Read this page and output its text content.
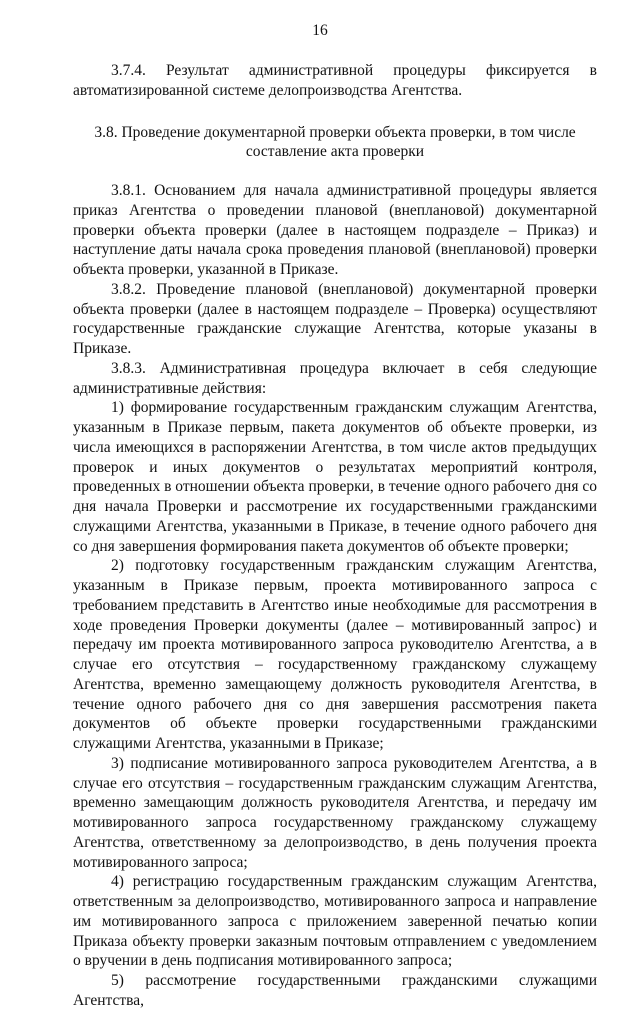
16

3.7.4. Результат административной процедуры фиксируется в автоматизированной системе делопроизводства Агентства.

3.8. Проведение документарной проверки объекта проверки, в том числе составление акта проверки

3.8.1. Основанием для начала административной процедуры является приказ Агентства о проведении плановой (внеплановой) документарной проверки объекта проверки (далее в настоящем подразделе – Приказ) и наступление даты начала срока проведения плановой (внеплановой) проверки объекта проверки, указанной в Приказе.

3.8.2. Проведение плановой (внеплановой) документарной проверки объекта проверки (далее в настоящем подразделе – Проверка) осуществляют государственные гражданские служащие Агентства, которые указаны в Приказе.

3.8.3. Административная процедура включает в себя следующие административные действия:

1) формирование государственным гражданским служащим Агентства, указанным в Приказе первым, пакета документов об объекте проверки, из числа имеющихся в распоряжении Агентства, в том числе актов предыдущих проверок и иных документов о результатах мероприятий контроля, проведенных в отношении объекта проверки, в течение одного рабочего дня со дня начала Проверки и рассмотрение их государственными гражданскими служащими Агентства, указанными в Приказе, в течение одного рабочего дня со дня завершения формирования пакета документов об объекте проверки;

2) подготовку государственным гражданским служащим Агентства, указанным в Приказе первым, проекта мотивированного запроса с требованием представить в Агентство иные необходимые для рассмотрения в ходе проведения Проверки документы (далее – мотивированный запрос) и передачу им проекта мотивированного запроса руководителю Агентства, а в случае его отсутствия – государственному гражданскому служащему Агентства, временно замещающему должность руководителя Агентства, в течение одного рабочего дня со дня завершения рассмотрения пакета документов об объекте проверки государственными гражданскими служащими Агентства, указанными в Приказе;

3) подписание мотивированного запроса руководителем Агентства, а в случае его отсутствия – государственным гражданским служащим Агентства, временно замещающим должность руководителя Агентства, и передачу им мотивированного запроса государственному гражданскому служащему Агентства, ответственному за делопроизводство, в день получения проекта мотивированного запроса;

4) регистрацию государственным гражданским служащим Агентства, ответственным за делопроизводство, мотивированного запроса и направление им мотивированного запроса с приложением заверенной печатью копии Приказа объекту проверки заказным почтовым отправлением с уведомлением о вручении в день подписания мотивированного запроса;

5) рассмотрение государственными гражданскими служащими Агентства,
